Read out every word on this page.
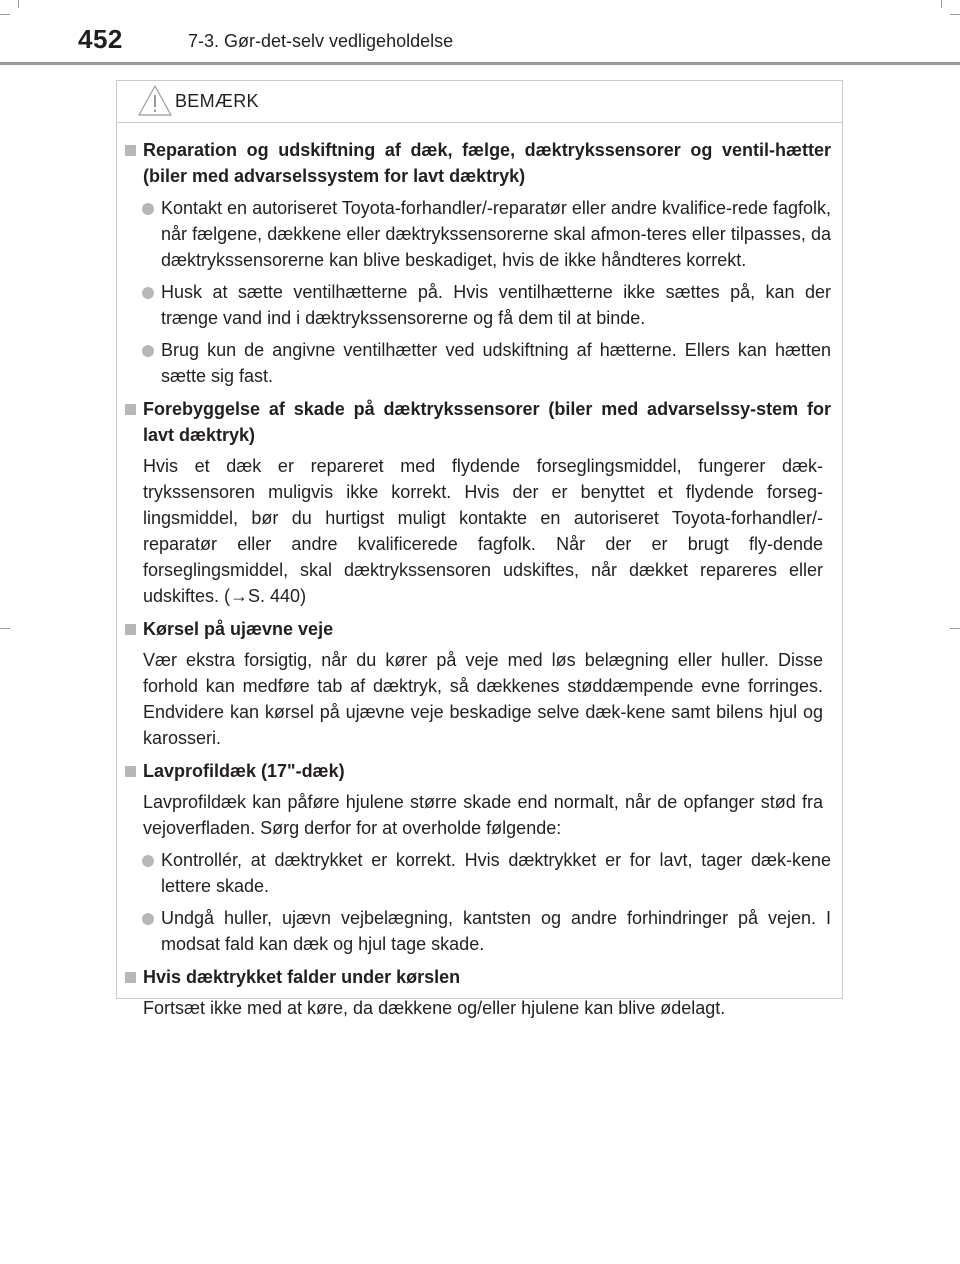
452	7-3. Gør-det-selv vedligeholdelse
BEMÆRK
Reparation og udskiftning af dæk, fælge, dæktrykssensorer og ventil-hætter (biler med advarselssystem for lavt dæktryk)
Kontakt en autoriseret Toyota-forhandler/-reparatør eller andre kvalifice-rede fagfolk, når fælgene, dækkene eller dæktrykssensorerne skal afmon-teres eller tilpasses, da dæktrykssensorerne kan blive beskadiget, hvis de ikke håndteres korrekt.
Husk at sætte ventilhætterne på. Hvis ventilhætterne ikke sættes på, kan der trænge vand ind i dæktrykssensorerne og få dem til at binde.
Brug kun de angivne ventilhætter ved udskiftning af hætterne. Ellers kan hætten sætte sig fast.
Forebyggelse af skade på dæktrykssensorer (biler med advarselssy-stem for lavt dæktryk)
Hvis et dæk er repareret med flydende forseglingsmiddel, fungerer dæk-trykssensoren muligvis ikke korrekt. Hvis der er benyttet et flydende forseg-lingsmiddel, bør du hurtigst muligt kontakte en autoriseret Toyota-forhandler/-reparatør eller andre kvalificerede fagfolk. Når der er brugt fly-dende forseglingsmiddel, skal dæktrykssensoren udskiftes, når dækket repareres eller udskiftes. (→S. 440)
Kørsel på ujævne veje
Vær ekstra forsigtig, når du kører på veje med løs belægning eller huller. Disse forhold kan medføre tab af dæktryk, så dækkenes støddæmpende evne forringes. Endvidere kan kørsel på ujævne veje beskadige selve dæk-kene samt bilens hjul og karosseri.
Lavprofildæk (17"-dæk)
Lavprofildæk kan påføre hjulene større skade end normalt, når de opfanger stød fra vejoverfladen. Sørg derfor for at overholde følgende:
Kontrollér, at dæktrykket er korrekt. Hvis dæktrykket er for lavt, tager dæk-kene lettere skade.
Undgå huller, ujævn vejbelægning, kantsten og andre forhindringer på vejen. I modsat fald kan dæk og hjul tage skade.
Hvis dæktrykket falder under kørslen
Fortsæt ikke med at køre, da dækkene og/eller hjulene kan blive ødelagt.
